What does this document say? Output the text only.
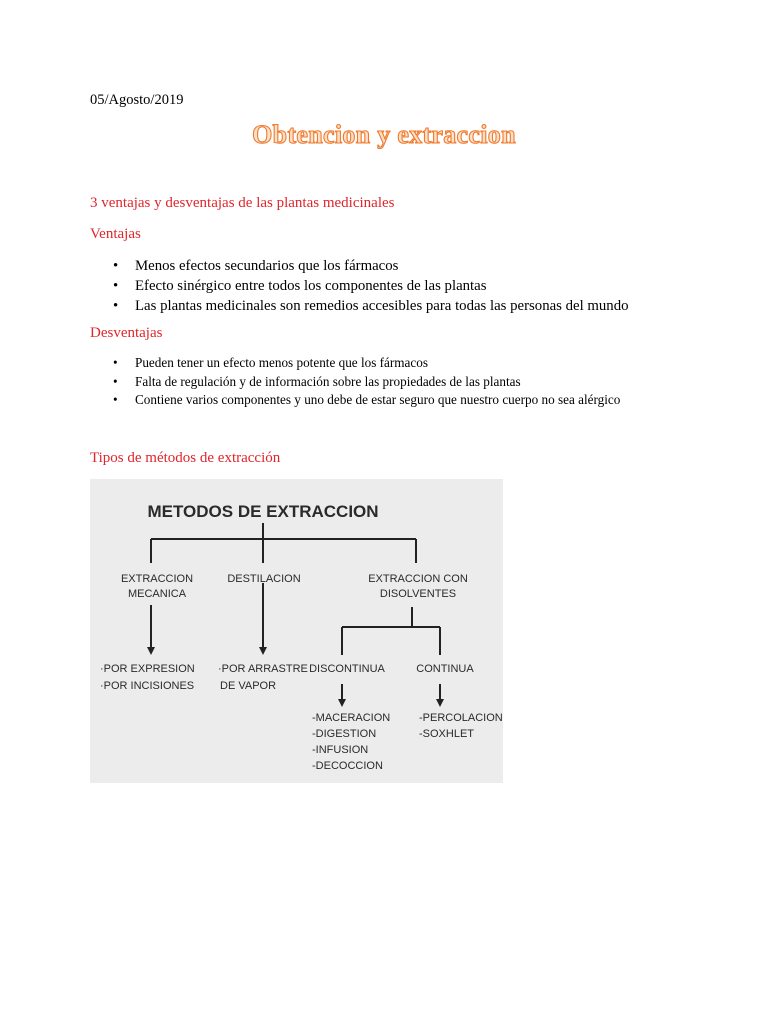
05/Agosto/2019
Obtencion y extraccion
3 ventajas y desventajas de las plantas medicinales
Ventajas
• Menos efectos secundarios que los fármacos
• Efecto sinérgico entre todos los componentes de las plantas
• Las plantas medicinales son remedios accesibles para todas las personas del mundo
Desventajas
• Pueden tener un efecto menos potente que los fármacos
• Falta de regulación y de información sobre las propiedades de las plantas
• Contiene varios componentes y uno debe de estar seguro que nuestro cuerpo no sea alérgico
Tipos de métodos de extracción
METODOS DE EXTRACCION
EXTRACCION
MECANICA
DESTILACION	EXTRACCION CON
DISOLVENTES
·POR EXPRESION
·POR INCISIONES
·POR ARRASTRE
DE VAPOR
DISCONTINUA	CONTINUA
-MACERACION
-DIGESTION
-INFUSION
-DECOCCION
-PERCOLACION
-SOXHLET
